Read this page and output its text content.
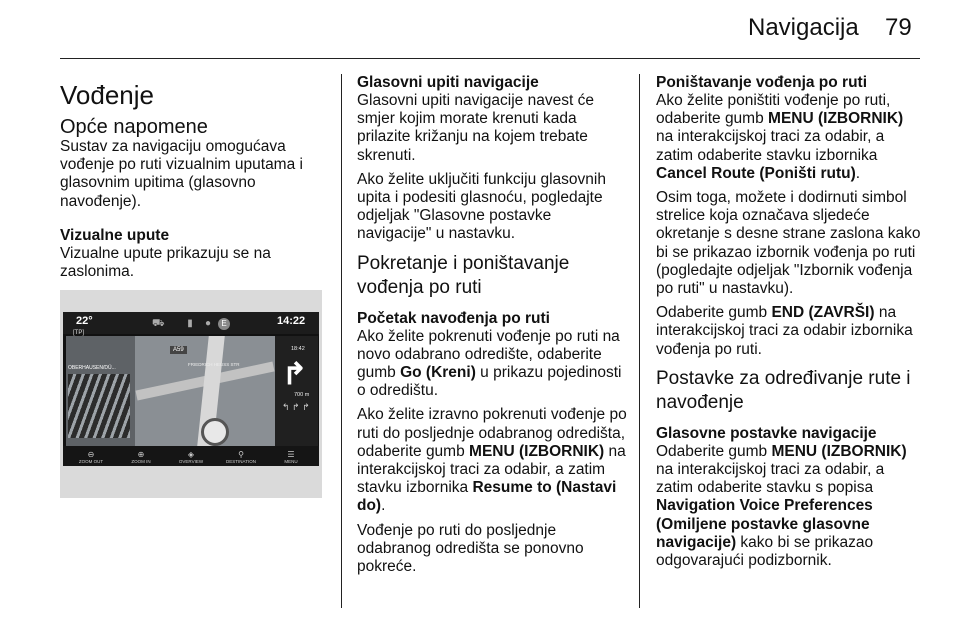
Navigacija 79
Vođenje
Opće napomene

Sustav za navigaciju omogućava vođenje po ruti vizualnim uputama i glasovnim upitima (glasovno navođenje).

Vizualne upute

Vizualne upute prikazuju se na zaslonima.

22°
[TP]
⛟	▮	●	E	14:22
OBERHAUSEN/DÜ...
A59
FRIEDRICH HEUSS STR
18:42
↱
700 m
↰ ↱ ↱
⊖
ZOOM OUT
⊕
ZOOM IN
◈
OVERVIEW
⚲
DESTINATION
☰
MENU
Glasovni upiti navigacije

Glasovni upiti navigacije navest će smjer kojim morate krenuti kada prilazite križanju na kojem trebate skrenuti.

Ako želite uključiti funkciju glasovnih upita i podesiti glasnoću, pogledajte odjeljak "Glasovne postavke navigacije" u nastavku.

Pokretanje i poništavanje vođenja po ruti
Početak navođenja po ruti

Ako želite pokrenuti vođenje po ruti na novo odabrano odredište, odaberite gumb Go (Kreni) u prikazu pojedinosti o odredištu.

Ako želite izravno pokrenuti vođenje po ruti do posljednje odabranog odredišta, odaberite gumb MENU (IZBORNIK) na interakcijskoj traci za odabir, a zatim stavku izbornika Resume to (Nastavi do).

Vođenje po ruti do posljednje odabranog odredišta se ponovno pokreće.

Poništavanje vođenja po ruti

Ako želite poništiti vođenje po ruti, odaberite gumb MENU (IZBORNIK) na interakcijskoj traci za odabir, a zatim odaberite stavku izbornika Cancel Route (Poništi rutu).

Osim toga, možete i dodirnuti simbol strelice koja označava sljedeće okretanje s desne strane zaslona kako bi se prikazao izbornik vođenja po ruti (pogledajte odjeljak "Izbornik vođenja po ruti" u nastavku).

Odaberite gumb END (ZAVRŠI) na interakcijskoj traci za odabir izbornika vođenja po ruti.

Postavke za određivanje rute i navođenje
Glasovne postavke navigacije

Odaberite gumb MENU (IZBORNIK) na interakcijskoj traci za odabir, a zatim odaberite stavku s popisa Navigation Voice Preferences (Omiljene postavke glasovne navigacije) kako bi se prikazao odgovarajući podizbornik.
